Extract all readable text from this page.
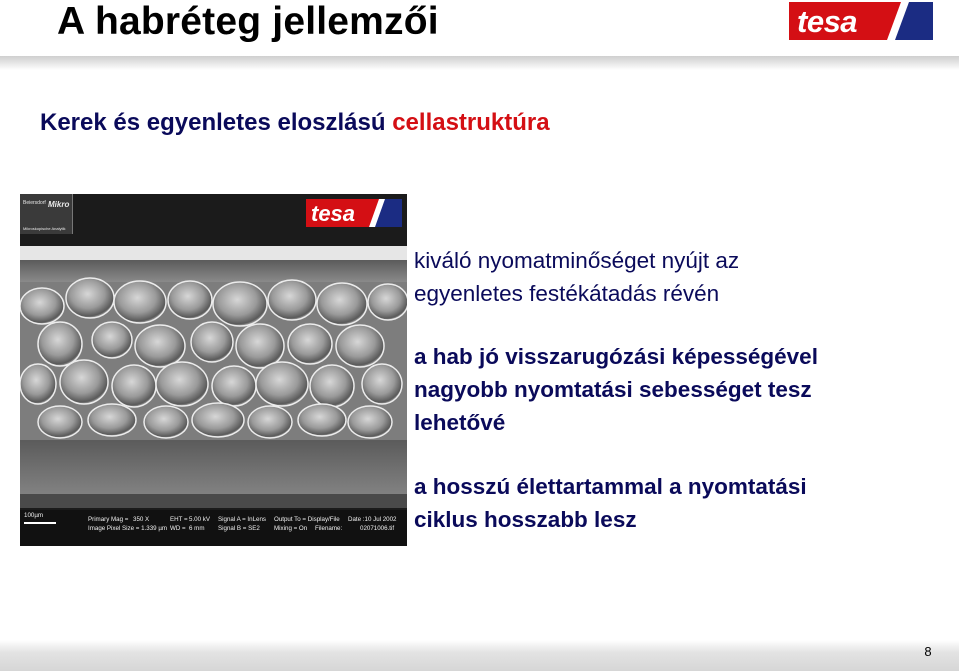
A habréteg jellemzői	tesa

Kerek és egyenletes eloszlású cellastruktúra

Mikro
Beiersdorf
Mikroskopische Analytik
tesa
100µm
Primary Mag = 350 X
Image Pixel Size = 1.339 µm
EHT = 5.00 kV
WD = 6 mm
Signal A = InLens
Signal B = SE2
Output To = Display/File
Mixing = On
Date :10 Jul 2002
Filename:	02071006.tif
kiváló nyomatminőséget nyújt az
egyenletes festékátadás révén
a hab jó visszarugózási képességével
nagyobb nyomtatási sebességet tesz
lehetővé
a hosszú élettartammal a nyomtatási
ciklus hosszabb lesz
8
